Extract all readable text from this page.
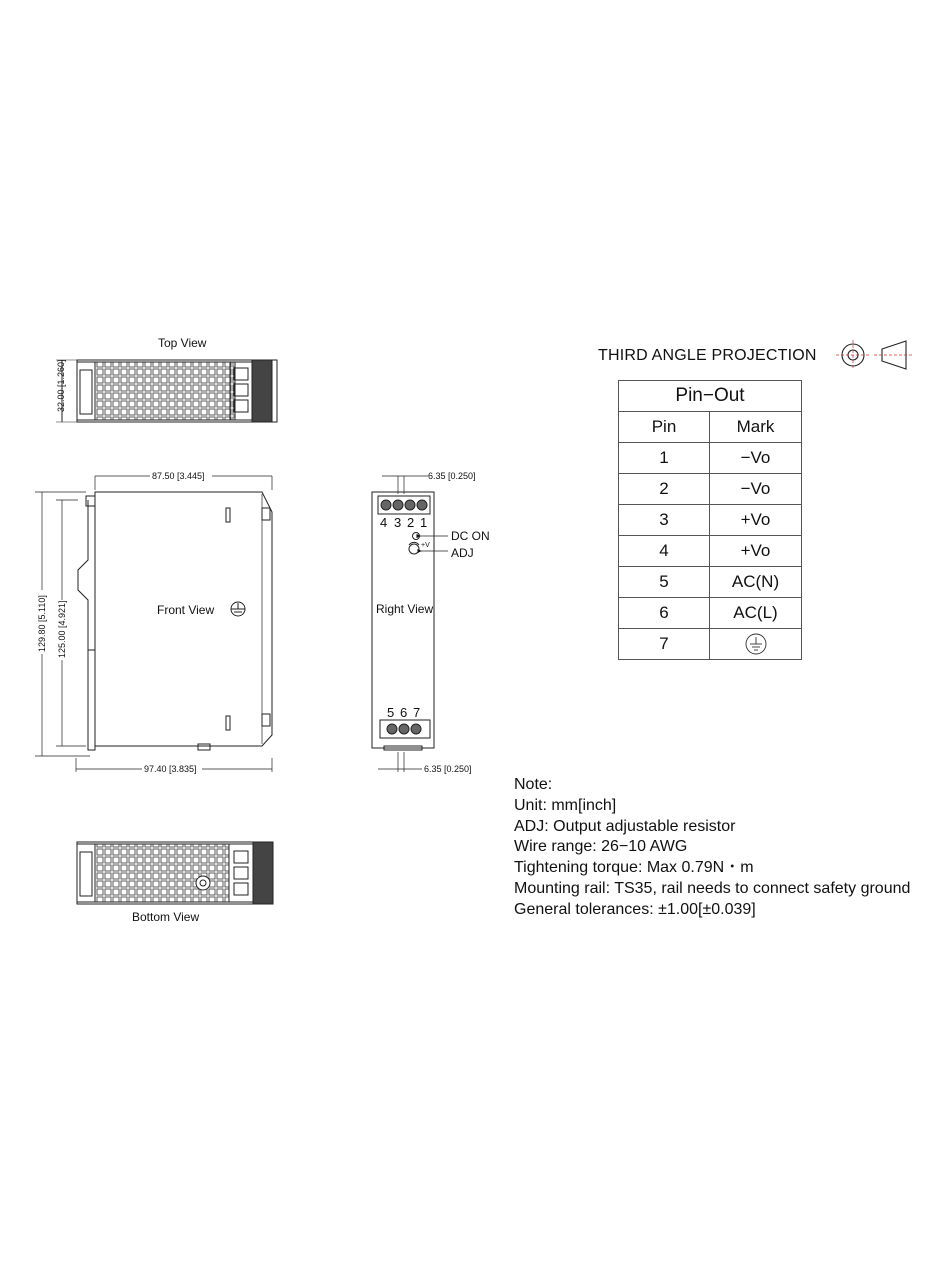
32.00 [1.260]
Top View
Front View
87.50 [3.445]
97.40 [3.835]
129.80 [5.110] 125.00 [4.921]
4 3 2 1
+V
DC ON
ADJ
Right View
5 6 7
6.35 [0.250]
6.35 [0.250]
Bottom View
THIRD ANGLE PROJECTION
Pin−Out	
Pin	Mark
1	−Vo
2	−Vo
3	+Vo
4	+Vo
5	AC(N)
6	AC(L)
7	
Note:
Unit: mm[inch]
ADJ: Output adjustable resistor
Wire range: 26−10 AWG
Tightening torque: Max 0.79N・m
Mounting rail: TS35, rail needs to connect safety ground
General tolerances: ±1.00[±0.039]
